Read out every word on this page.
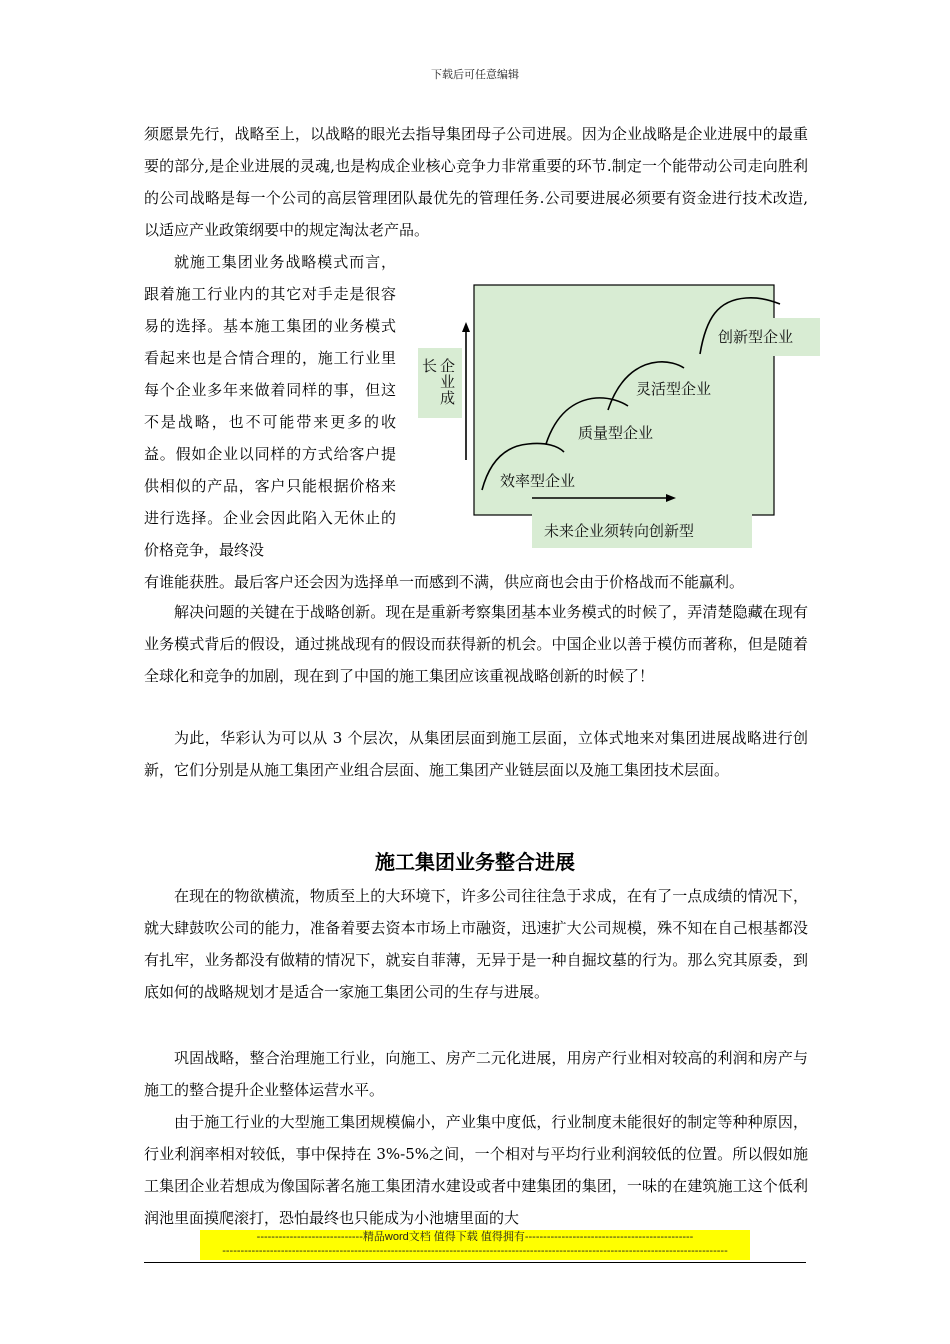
下载后可任意编辑

须愿景先行，战略至上，以战略的眼光去指导集团母子公司进展。因为企业战略是企业进展中的最重要的部分,是企业进展的灵魂,也是构成企业核心竞争力非常重要的环节.制定一个能带动公司走向胜利的公司战略是每一个公司的高层管理团队最优先的管理任务.公司要进展必须要有资金进行技术改造,以适应产业政策纲要中的规定淘汰老产品。

就施工集团业务战略模式而言，跟着施工行业内的其它对手走是很容易的选择。基本施工集团的业务模式看起来也是合情合理的，施工行业里每个企业多年来做着同样的事，但这不是战略，也不可能带来更多的收益。假如企业以同样的方式给客户提供相似的产品，客户只能根据价格来进行选择。企业会因此陷入无休止的价格竞争，最终没

有谁能获胜。最后客户还会因为选择单一而感到不满，供应商也会由于价格战而不能赢利。

解决问题的关键在于战略创新。现在是重新考察集团基本业务模式的时候了，弄清楚隐藏在现有业务模式背后的假设，通过挑战现有的假设而获得新的机会。中国企业以善于模仿而著称，但是随着全球化和竞争的加剧，现在到了中国的施工集团应该重视战略创新的时候了！

为此，华彩认为可以从 3 个层次，从集团层面到施工层面，立体式地来对集团进展战略进行创新，它们分别是从施工集团产业组合层面、施工集团产业链层面以及施工集团技术层面。

施工集团业务整合进展

在现在的物欲横流，物质至上的大环境下，许多公司往往急于求成，在有了一点成绩的情况下，就大肆鼓吹公司的能力，准备着要去资本市场上市融资，迅速扩大公司规模，殊不知在自己根基都没有扎牢，业务都没有做精的情况下，就妄自菲薄，无异于是一种自掘坟墓的行为。那么究其原委，到底如何的战略规划才是适合一家施工集团公司的生存与进展。

巩固战略，整合治理施工行业，向施工、房产二元化进展，用房产行业相对较高的利润和房产与施工的整合提升企业整体运营水平。

由于施工行业的大型施工集团规模偏小，产业集中度低，行业制度未能很好的制定等种种原因，行业利润率相对较低，事中保持在 3%-5%之间，一个相对与平均行业利润较低的位置。所以假如施工集团企业若想成为像国际著名施工集团清水建设或者中建集团的集团，一味的在建筑施工这个低利润池里面摸爬滚打，恐怕最终也只能成为小池塘里面的大

长 企
业
成
效率型企业
质量型企业
灵活型企业
创新型企业
未来企业须转向创新型
-----------------------------精品word文档 值得下载 值得拥有----------------------------------------------
------------------------------------------------------------------------------------------------------------------------------------------
